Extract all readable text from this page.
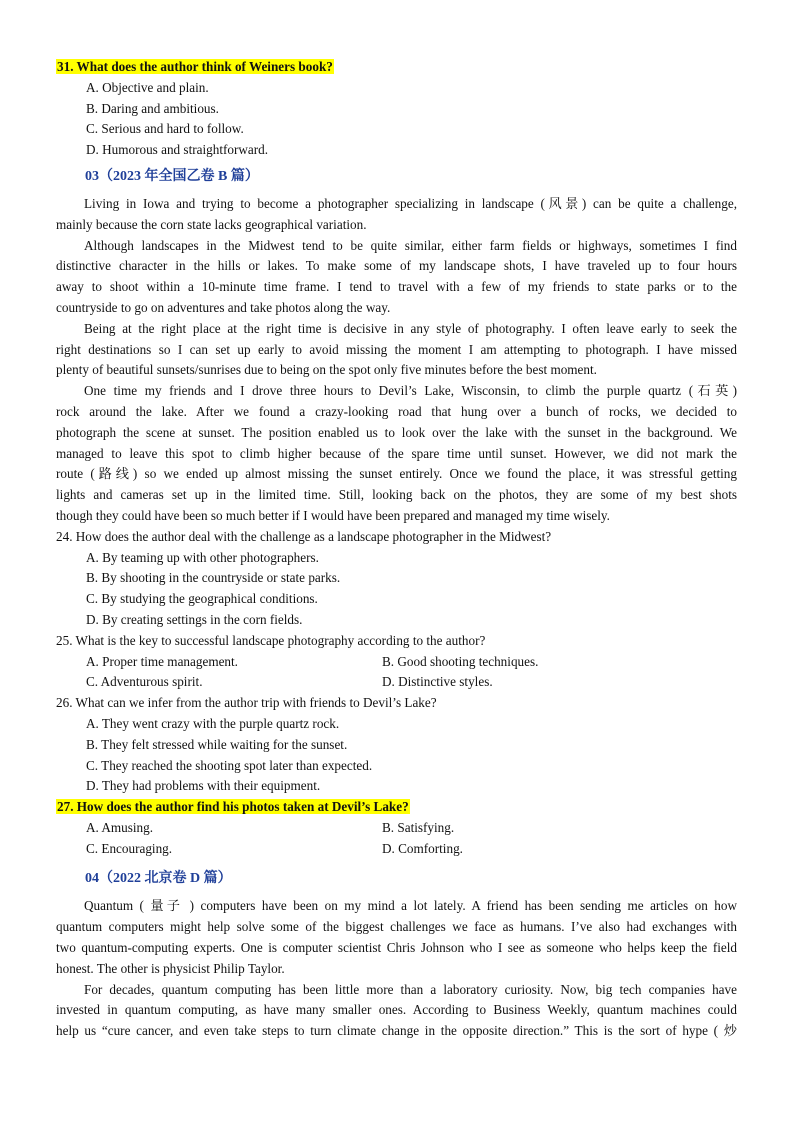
31. What does the author think of Weiners book?

A. Objective and plain.

B. Daring and ambitious.

C. Serious and hard to follow.

D. Humorous and straightforward.

03（2023 年全国乙卷 B 篇）
Living in Iowa and trying to become a photographer specializing in landscape (风景) can be quite a challenge,
mainly because the corn state lacks geographical variation.
Although landscapes in the Midwest tend to be quite similar, either farm fields or highways, sometimes I find
distinctive character in the hills or lakes. To make some of my landscape shots, I have traveled up to four hours
away to shoot within a 10-minute time frame. I tend to travel with a few of my friends to state parks or to the
countryside to go on adventures and take photos along the way.
Being at the right place at the right time is decisive in any style of photography. I often leave early to seek the
right destinations so I can set up early to avoid missing the moment I am attempting to photograph. I have missed
plenty of beautiful sunsets/sunrises due to being on the spot only five minutes before the best moment.
One time my friends and I drove three hours to Devil’s Lake, Wisconsin, to climb the purple quartz (石英)
rock around the lake. After we found a crazy-looking road that hung over a bunch of rocks, we decided to
photograph the scene at sunset. The position enabled us to look over the lake with the sunset in the background. We
managed to leave this spot to climb higher because of the spare time until sunset. However, we did not mark the
route (路线) so we ended up almost missing the sunset entirely. Once we found the place, it was stressful getting
lights and cameras set up in the limited time. Still, looking back on the photos, they are some of my best shots
though they could have been so much better if I would have been prepared and managed my time wisely.

24. How does the author deal with the challenge as a landscape photographer in the Midwest?

A. By teaming up with other photographers.

B. By shooting in the countryside or state parks.

C. By studying the geographical conditions.

D. By creating settings in the corn fields.

25. What is the key to successful landscape photography according to the author?

A. Proper time management.	B. Good shooting techniques.
C. Adventurous spirit.	D. Distinctive styles.

26. What can we infer from the author trip with friends to Devil’s Lake?

A. They went crazy with the purple quartz rock.

B. They felt stressed while waiting for the sunset.

C. They reached the shooting spot later than expected.

D. They had problems with their equipment.

27. How does the author find his photos taken at Devil’s Lake?

A. Amusing.	B. Satisfying.
C. Encouraging.	D. Comforting.
04（2022 北京卷 D 篇）
Quantum ( 量子 ) computers have been on my mind a lot lately. A friend has been sending me articles on how
quantum computers might help solve some of the biggest challenges we face as humans. I’ve also had exchanges with
two quantum-computing experts. One is computer scientist Chris Johnson who I see as someone who helps keep the field
honest. The other is physicist Philip Taylor.
For decades, quantum computing has been little more than a laboratory curiosity. Now, big tech companies have
invested in quantum computing, as have many smaller ones. According to Business Weekly, quantum machines could
help us “cure cancer, and even take steps to turn climate change in the opposite direction.” This is the sort of hype ( 炒
